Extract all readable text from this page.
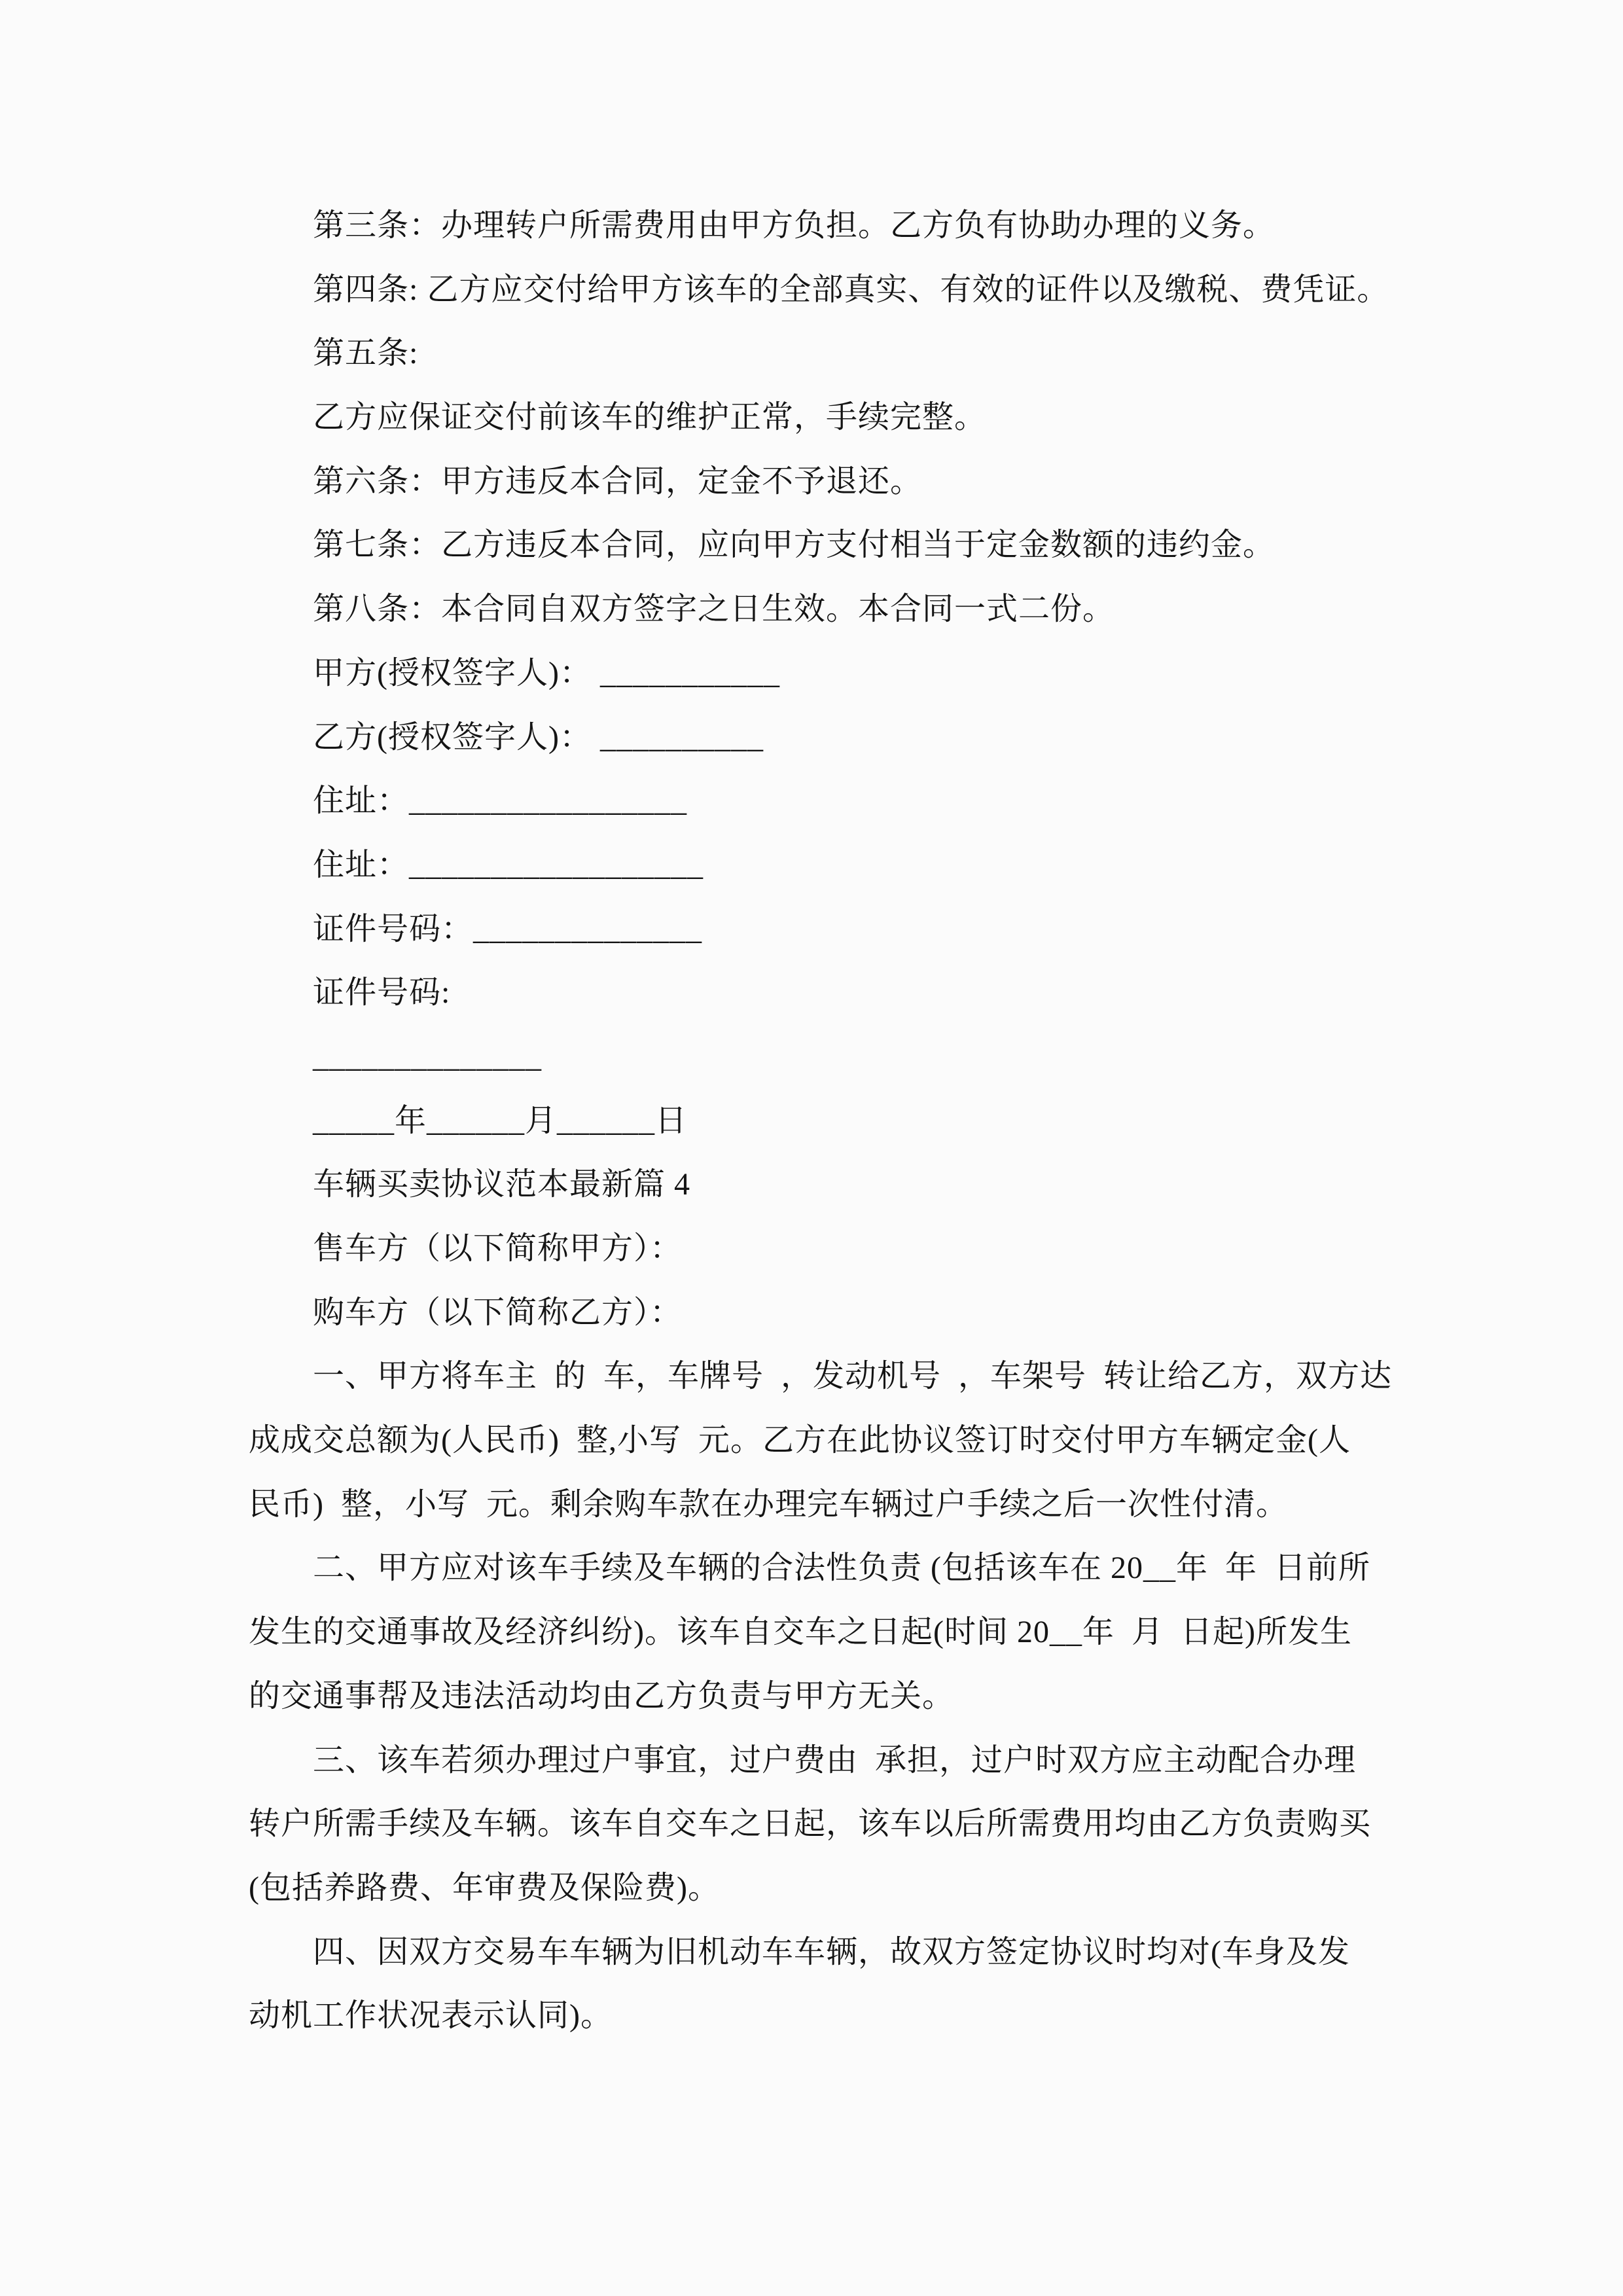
第三条：办理转户所需费用由甲方负担。乙方负有协助办理的义务。
第四条: 乙方应交付给甲方该车的全部真实、有效的证件以及缴税、费凭证。
第五条:
乙方应保证交付前该车的维护正常，手续完整。
第六条：甲方违反本合同，定金不予退还。
第七条：乙方违反本合同，应向甲方支付相当于定金数额的违约金。
第八条：本合同自双方签字之日生效。本合同一式二份。
甲方(授权签字人)： ___________
乙方(授权签字人)： __________
住址：_________________
住址：__________________
证件号码：______________
证件号码:
______________
_____年______月______日
车辆买卖协议范本最新篇 4
售车方（以下简称甲方）：
购车方（以下简称乙方）：
一、甲方将车主  的  车，车牌号  ，发动机号  ，车架号  转让给乙方，双方达
成成交总额为(人民币)  整,小写  元。乙方在此协议签订时交付甲方车辆定金(人
民币)  整，小写  元。剩余购车款在办理完车辆过户手续之后一次性付清。
二、甲方应对该车手续及车辆的合法性负责 (包括该车在 20__年  年  日前所
发生的交通事故及经济纠纷)。该车自交车之日起(时间 20__年  月  日起)所发生
的交通事帮及违法活动均由乙方负责与甲方无关。
三、该车若须办理过户事宜，过户费由  承担，过户时双方应主动配合办理
转户所需手续及车辆。该车自交车之日起，该车以后所需费用均由乙方负责购买
(包括养路费、年审费及保险费)。
四、因双方交易车车辆为旧机动车车辆，故双方签定协议时均对(车身及发
动机工作状况表示认同)。
